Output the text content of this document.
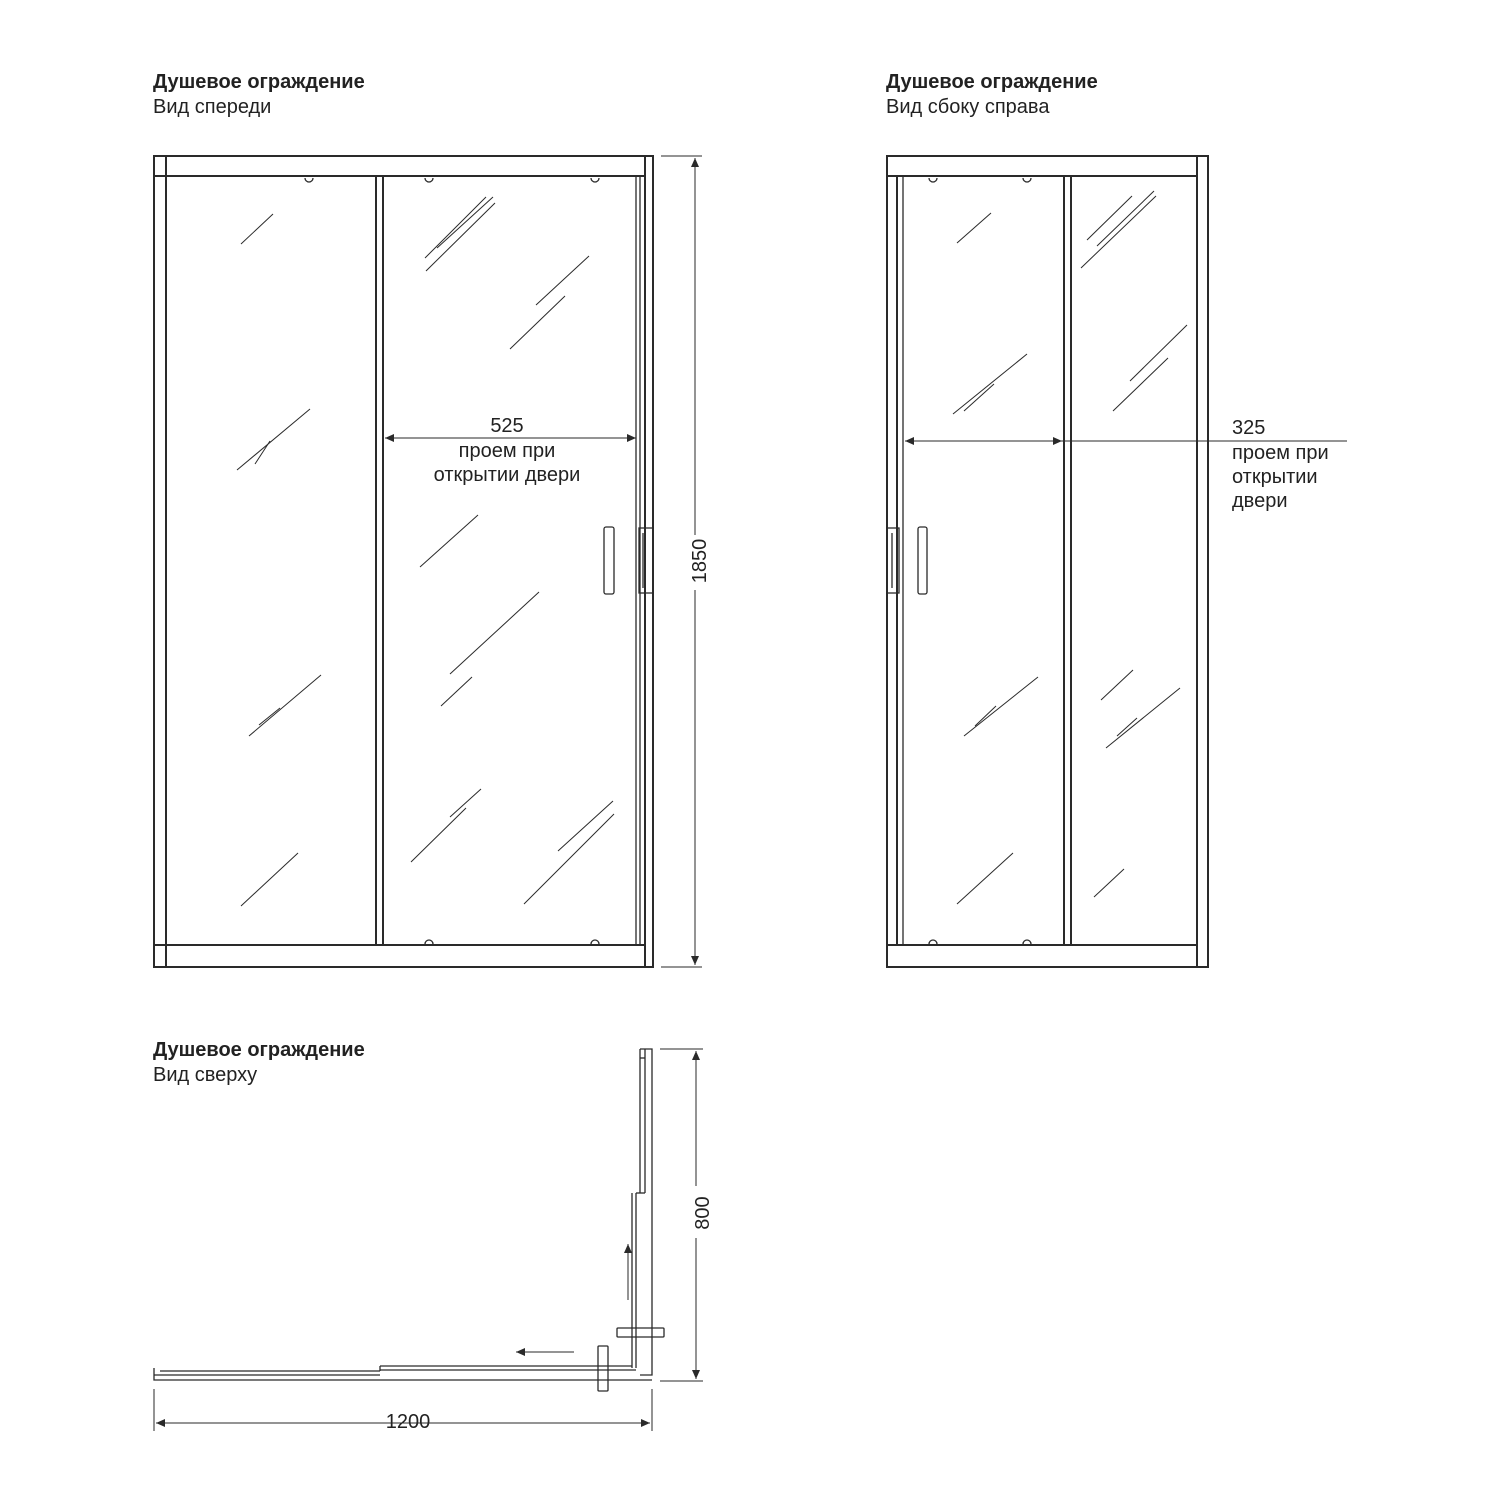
Душевое ограждение
Вид спереди
Душевое ограждение
Вид сбоку справа
Душевое ограждение
Вид сверху
525
проем при
открытии двери
1850
325
проем при
открытии
двери
800
1200
